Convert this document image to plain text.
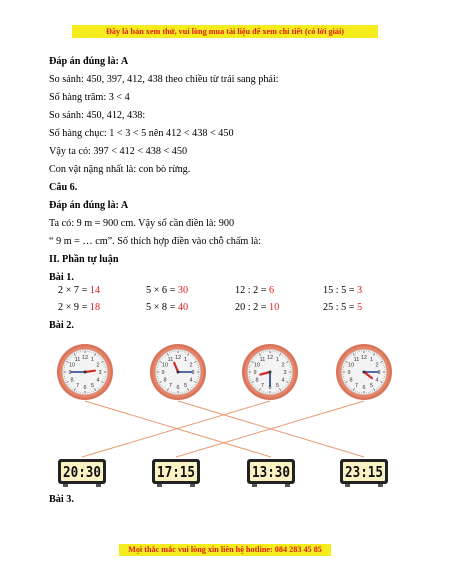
Đây là bản xem thử, vui lòng mua tài liệu để xem chi tiết (có lời giải)
Đáp án đúng là: A
So sánh: 450, 397, 412, 438 theo chiều từ trái sang phải:
Số hàng trăm: 3 < 4
So sánh: 450, 412, 438:
Số hàng chục: 1 < 3 < 5 nên 412 < 438 < 450
Vậy ta có: 397 < 412 < 438 < 450
Con vật nặng nhất là: con bò rừng.
Câu 6.
Đáp án đúng là: A
Ta có: 9 m = 900 cm. Vậy số cần điền là: 900
“ 9 m = … cm”. Số thích hợp điền vào chỗ chấm là:
II. Phần tự luận
Bài 1.
2 × 7 = 14	5 × 6 = 30	12 : 2 = 6	15 : 5 = 3
2 × 9 = 18	5 × 8 = 40	20 : 2 = 10	25 : 5 = 5
Bài 2.
1
2
3
4
5
6
7
8
9
10
11 12	1
2
3
4
5
6
7
8
9
10
11 12	1
2
3
4
5
6
7
8
9
10
11 12	1
2
3
4
5
6
7
8
9
10
11 12
20:30	17:15	13:30	23:15
Bài 3.
Mọi thắc mắc vui lòng xin liên hệ hotline: 084 283 45 85
